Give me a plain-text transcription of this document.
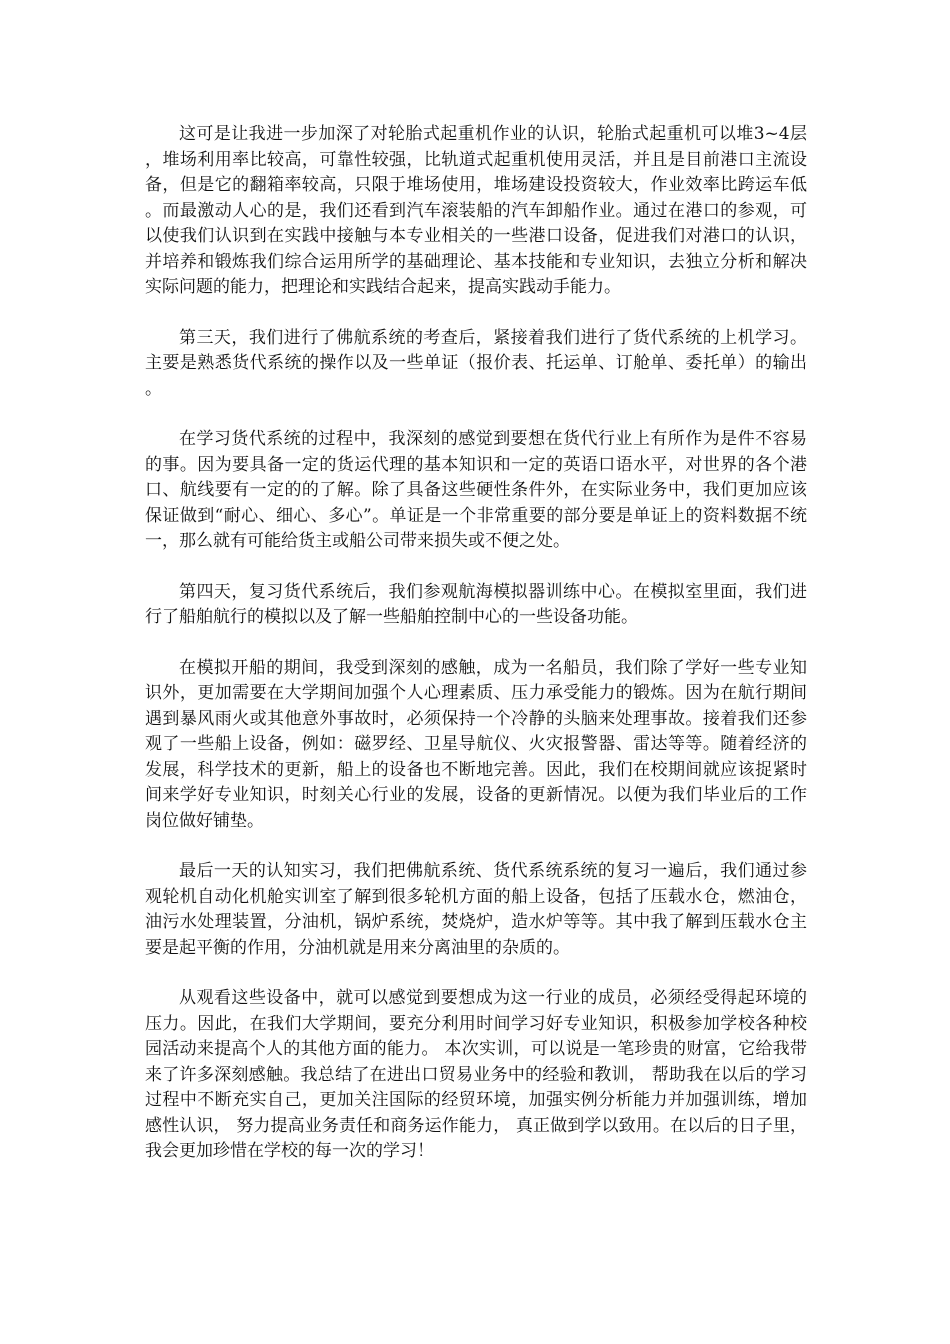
这可是让我进一步加深了对轮胎式起重机作业的认识，轮胎式起重机可以堆3~4层，堆场利用率比较高，可靠性较强，比轨道式起重机使用灵活，并且是目前港口主流设备，但是它的翻箱率较高，只限于堆场使用，堆场建设投资较大，作业效率比跨运车低。而最激动人心的是，我们还看到汽车滚装船的汽车卸船作业。通过在港口的参观，可以使我们认识到在实践中接触与本专业相关的一些港口设备，促进我们对港口的认识，并培养和锻炼我们综合运用所学的基础理论、基本技能和专业知识，去独立分析和解决实际问题的能力，把理论和实践结合起来，提高实践动手能力。

第三天，我们进行了佛航系统的考查后，紧接着我们进行了货代系统的上机学习。主要是熟悉货代系统的操作以及一些单证（报价表、托运单、订舱单、委托单）的输出。

在学习货代系统的过程中，我深刻的感觉到要想在货代行业上有所作为是件不容易的事。因为要具备一定的货运代理的基本知识和一定的英语口语水平，对世界的各个港口、航线要有一定的的了解。除了具备这些硬性条件外，在实际业务中，我们更加应该保证做到“耐心、细心、多心”。单证是一个非常重要的部分要是单证上的资料数据不统一，那么就有可能给货主或船公司带来损失或不便之处。

第四天，复习货代系统后，我们参观航海模拟器训练中心。在模拟室里面，我们进行了船舶航行的模拟以及了解一些船舶控制中心的一些设备功能。

在模拟开船的期间，我受到深刻的感触，成为一名船员，我们除了学好一些专业知识外，更加需要在大学期间加强个人心理素质、压力承受能力的锻炼。因为在航行期间遇到暴风雨火或其他意外事故时，必须保持一个冷静的头脑来处理事故。接着我们还参观了一些船上设备，例如：磁罗经、卫星导航仪、火灾报警器、雷达等等。随着经济的发展，科学技术的更新，船上的设备也不断地完善。因此，我们在校期间就应该捉紧时间来学好专业知识，时刻关心行业的发展，设备的更新情况。以便为我们毕业后的工作岗位做好铺垫。

最后一天的认知实习，我们把佛航系统、货代系统系统的复习一遍后，我们通过参观轮机自动化机舱实训室了解到很多轮机方面的船上设备，包括了压载水仓，燃油仓，油污水处理装置，分油机，锅炉系统，焚烧炉，造水炉等等。其中我了解到压载水仓主要是起平衡的作用，分油机就是用来分离油里的杂质的。

从观看这些设备中，就可以感觉到要想成为这一行业的成员，必须经受得起环境的压力。因此，在我们大学期间，要充分利用时间学习好专业知识，积极参加学校各种校园活动来提高个人的其他方面的能力。 本次实训，可以说是一笔珍贵的财富，它给我带来了许多深刻感触。我总结了在进出口贸易业务中的经验和教训， 帮助我在以后的学习过程中不断充实自己，更加关注国际的经贸环境，加强实例分析能力并加强训练，增加感性认识， 努力提高业务责任和商务运作能力， 真正做到学以致用。在以后的日子里，我会更加珍惜在学校的每一次的学习！
